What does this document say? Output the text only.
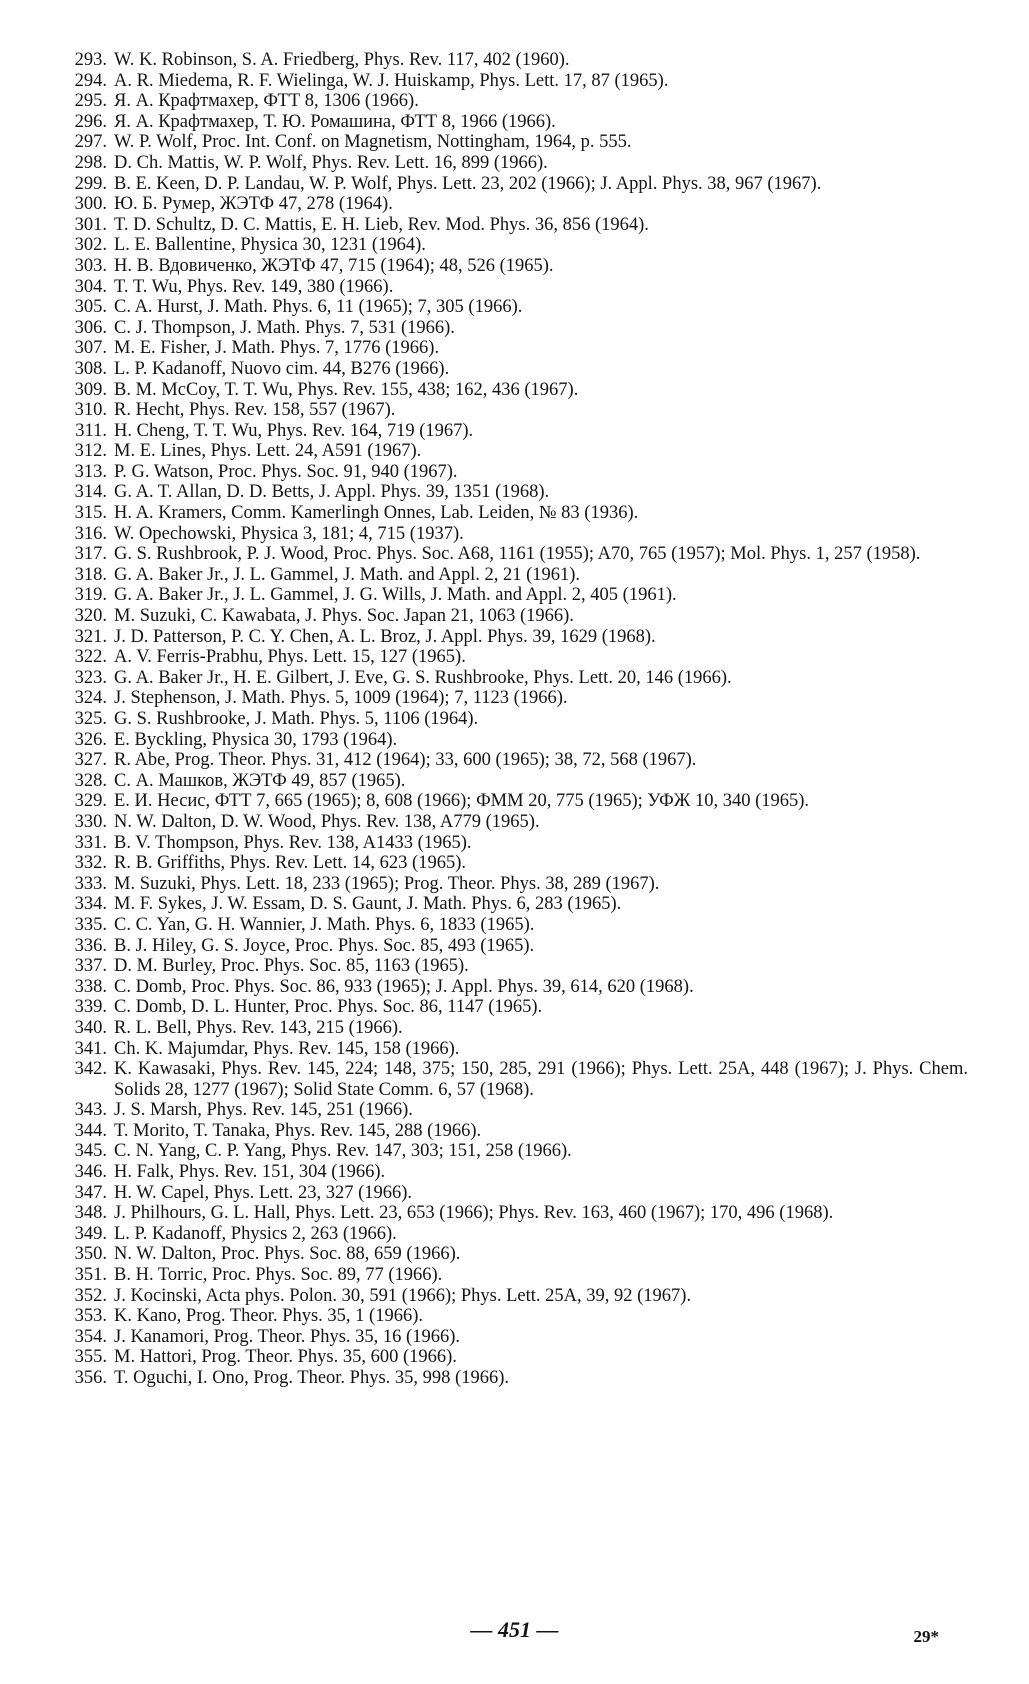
293. W. K. Robinson, S. A. Friedberg, Phys. Rev. 117, 402 (1960).
294. A. R. Miedema, R. F. Wielinga, W. J. Huiskamp, Phys. Lett. 17, 87 (1965).
295. Я. А. Крафтмахер, ФТТ 8, 1306 (1966).
296. Я. А. Крафтмахер, Т. Ю. Ромашина, ФТТ 8, 1966 (1966).
297. W. P. Wolf, Proc. Int. Conf. on Magnetism, Nottingham, 1964, p. 555.
298. D. Ch. Mattis, W. P. Wolf, Phys. Rev. Lett. 16, 899 (1966).
299. B. E. Keen, D. P. Landau, W. P. Wolf, Phys. Lett. 23, 202 (1966); J. Appl. Phys. 38, 967 (1967).
300. Ю. Б. Румер, ЖЭТФ 47, 278 (1964).
301. T. D. Schultz, D. C. Mattis, E. H. Lieb, Rev. Mod. Phys. 36, 856 (1964).
302. L. E. Ballentine, Physica 30, 1231 (1964).
303. Н. В. Вдовиченко, ЖЭТФ 47, 715 (1964); 48, 526 (1965).
304. T. T. Wu, Phys. Rev. 149, 380 (1966).
305. C. A. Hurst, J. Math. Phys. 6, 11 (1965); 7, 305 (1966).
306. C. J. Thompson, J. Math. Phys. 7, 531 (1966).
307. M. E. Fisher, J. Math. Phys. 7, 1776 (1966).
308. L. P. Kadanoff, Nuovo cim. 44, B276 (1966).
309. B. M. McCoy, T. T. Wu, Phys. Rev. 155, 438; 162, 436 (1967).
310. R. Hecht, Phys. Rev. 158, 557 (1967).
311. H. Cheng, T. T. Wu, Phys. Rev. 164, 719 (1967).
312. M. E. Lines, Phys. Lett. 24, A591 (1967).
313. P. G. Watson, Proc. Phys. Soc. 91, 940 (1967).
314. G. A. T. Allan, D. D. Betts, J. Appl. Phys. 39, 1351 (1968).
315. H. A. Kramers, Comm. Kamerlingh Onnes, Lab. Leiden, № 83 (1936).
316. W. Opechowski, Physica 3, 181; 4, 715 (1937).
317. G. S. Rushbrook, P. J. Wood, Proc. Phys. Soc. A68, 1161 (1955); A70, 765 (1957); Mol. Phys. 1, 257 (1958).
318. G. A. Baker Jr., J. L. Gammel, J. Math. and Appl. 2, 21 (1961).
319. G. A. Baker Jr., J. L. Gammel, J. G. Wills, J. Math. and Appl. 2, 405 (1961).
320. M. Suzuki, C. Kawabata, J. Phys. Soc. Japan 21, 1063 (1966).
321. J. D. Patterson, P. C. Y. Chen, A. L. Broz, J. Appl. Phys. 39, 1629 (1968).
322. A. V. Ferris-Prabhu, Phys. Lett. 15, 127 (1965).
323. G. A. Baker Jr., H. E. Gilbert, J. Eve, G. S. Rushbrooke, Phys. Lett. 20, 146 (1966).
324. J. Stephenson, J. Math. Phys. 5, 1009 (1964); 7, 1123 (1966).
325. G. S. Rushbrooke, J. Math. Phys. 5, 1106 (1964).
326. E. Byckling, Physica 30, 1793 (1964).
327. R. Abe, Prog. Theor. Phys. 31, 412 (1964); 33, 600 (1965); 38, 72, 568 (1967).
328. С. А. Машков, ЖЭТФ 49, 857 (1965).
329. Е. И. Несис, ФТТ 7, 665 (1965); 8, 608 (1966); ФММ 20, 775 (1965); УФЖ 10, 340 (1965).
330. N. W. Dalton, D. W. Wood, Phys. Rev. 138, A779 (1965).
331. B. V. Thompson, Phys. Rev. 138, A1433 (1965).
332. R. B. Griffiths, Phys. Rev. Lett. 14, 623 (1965).
333. M. Suzuki, Phys. Lett. 18, 233 (1965); Prog. Theor. Phys. 38, 289 (1967).
334. M. F. Sykes, J. W. Essam, D. S. Gaunt, J. Math. Phys. 6, 283 (1965).
335. C. C. Yan, G. H. Wannier, J. Math. Phys. 6, 1833 (1965).
336. B. J. Hiley, G. S. Joyce, Proc. Phys. Soc. 85, 493 (1965).
337. D. M. Burley, Proc. Phys. Soc. 85, 1163 (1965).
338. C. Domb, Proc. Phys. Soc. 86, 933 (1965); J. Appl. Phys. 39, 614, 620 (1968).
339. C. Domb, D. L. Hunter, Proc. Phys. Soc. 86, 1147 (1965).
340. R. L. Bell, Phys. Rev. 143, 215 (1966).
341. Ch. K. Majumdar, Phys. Rev. 145, 158 (1966).
342. K. Kawasaki, Phys. Rev. 145, 224; 148, 375; 150, 285, 291 (1966); Phys. Lett. 25A, 448 (1967); J. Phys. Chem. Solids 28, 1277 (1967); Solid State Comm. 6, 57 (1968).
343. J. S. Marsh, Phys. Rev. 145, 251 (1966).
344. T. Morito, T. Tanaka, Phys. Rev. 145, 288 (1966).
345. C. N. Yang, C. P. Yang, Phys. Rev. 147, 303; 151, 258 (1966).
346. H. Falk, Phys. Rev. 151, 304 (1966).
347. H. W. Capel, Phys. Lett. 23, 327 (1966).
348. J. Philhours, G. L. Hall, Phys. Lett. 23, 653 (1966); Phys. Rev. 163, 460 (1967); 170, 496 (1968).
349. L. P. Kadanoff, Physics 2, 263 (1966).
350. N. W. Dalton, Proc. Phys. Soc. 88, 659 (1966).
351. B. H. Torric, Proc. Phys. Soc. 89, 77 (1966).
352. J. Kocinski, Acta phys. Polon. 30, 591 (1966); Phys. Lett. 25A, 39, 92 (1967).
353. K. Kano, Prog. Theor. Phys. 35, 1 (1966).
354. J. Kanamori, Prog. Theor. Phys. 35, 16 (1966).
355. M. Hattori, Prog. Theor. Phys. 35, 600 (1966).
356. T. Oguchi, I. Ono, Prog. Theor. Phys. 35, 998 (1966).
— 451 —	29*
